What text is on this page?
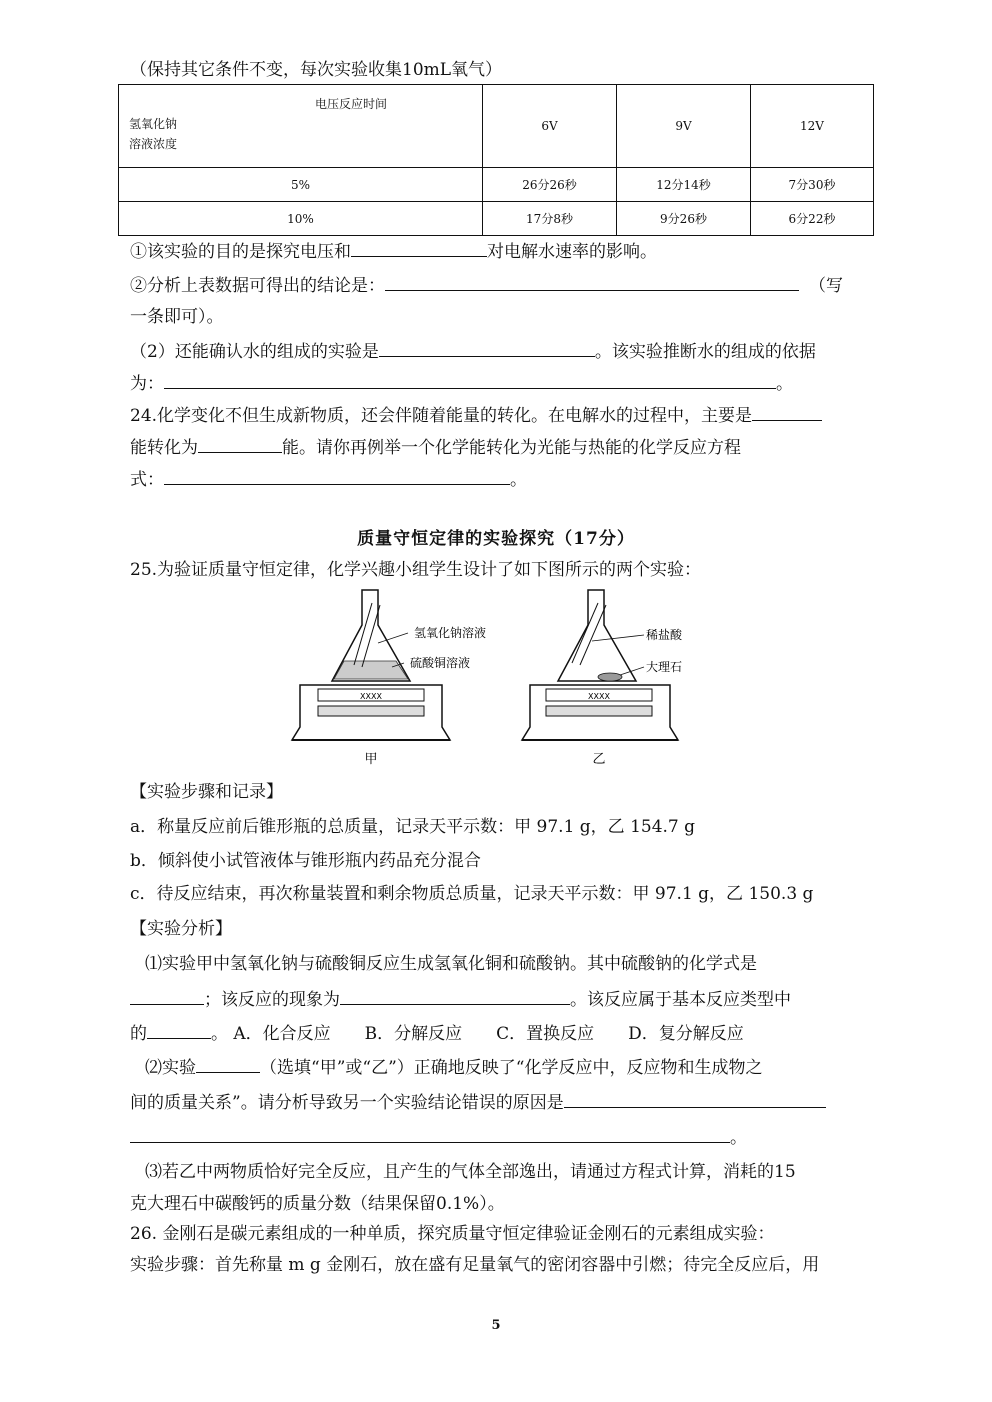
（保持其它条件不变，每次实验收集10mL氧气）
电压反应时间
氢氧化钠
溶液浓度	6V	9V	12V
5%	26分26秒	12分14秒	7分30秒
10%	17分8秒	9分26秒	6分22秒
①该实验的目的是探究电压和	对电解水速率的影响。
②分析上表数据可得出的结论是：	（写
一条即可）。
（2）还能确认水的组成的实验是	。该实验推断水的组成的依据
为：	。
24.化学变化不但生成新物质，还会伴随着能量的转化。在电解水的过程中，主要是
能转化为	能。请你再例举一个化学能转化为光能与热能的化学反应方程
式：	。
质量守恒定律的实验探究（17分）
25.为验证质量守恒定律，化学兴趣小组学生设计了如下图所示的两个实验：
XXXX
氢氧化钠溶液
硫酸铜溶液
甲
XXXX
稀盐酸
大理石
乙
【实验步骤和记录】
a．称量反应前后锥形瓶的总质量，记录天平示数：甲 97.1 g，乙 154.7 g
b．倾斜使小试管液体与锥形瓶内药品充分混合
c．待反应结束，再次称量装置和剩余物质总质量，记录天平示数：甲 97.1 g，乙 150.3 g
【实验分析】
⑴实验甲中氢氧化钠与硫酸铜反应生成氢氧化铜和硫酸钠。其中硫酸钠的化学式是
；该反应的现象为	。该反应属于基本反应类型中
的	。 A．化合反应　　B．分解反应　　C．置换反应　　D．复分解反应
⑵实验	（选填“甲”或“乙”）正确地反映了“化学反应中，反应物和生成物之
间的质量关系”。请分析导致另一个实验结论错误的原因是
。
⑶若乙中两物质恰好完全反应，且产生的气体全部逸出，请通过方程式计算，消耗的15
克大理石中碳酸钙的质量分数（结果保留0.1%）。
26. 金刚石是碳元素组成的一种单质，探究质量守恒定律验证金刚石的元素组成实验：
实验步骤：首先称量 m g 金刚石，放在盛有足量氧气的密闭容器中引燃；待完全反应后，用
5
